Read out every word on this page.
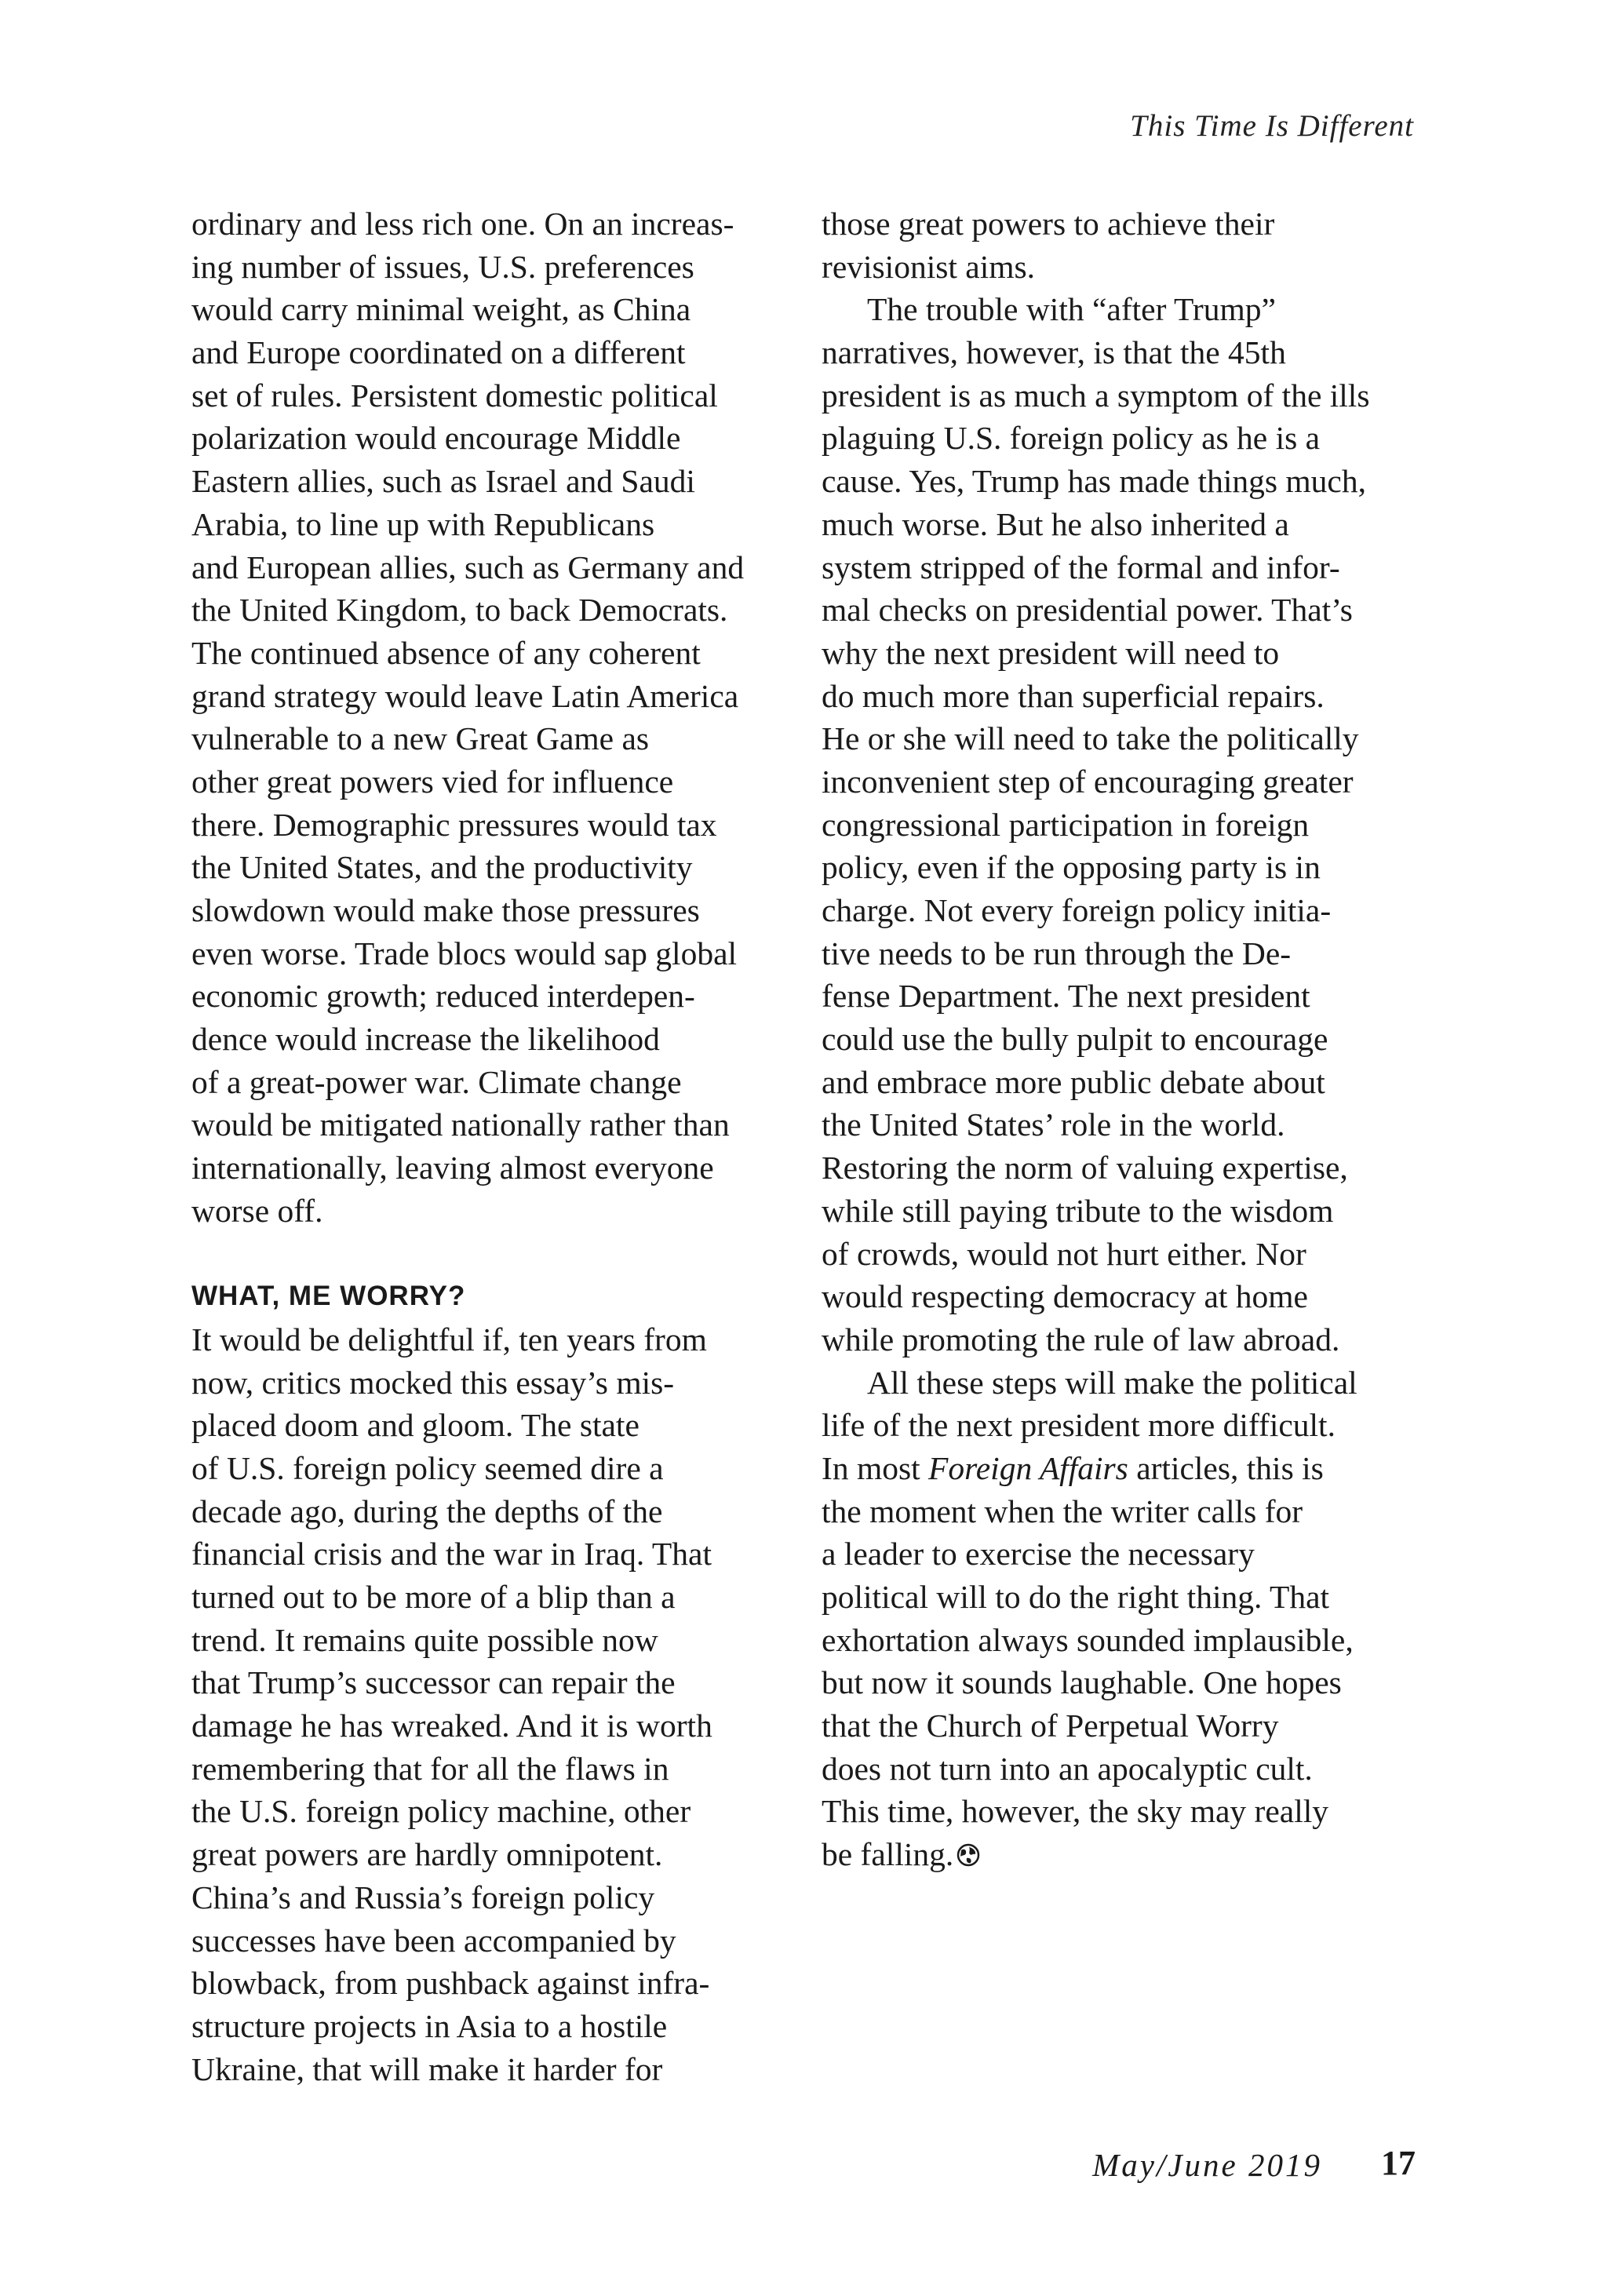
This Time Is Different
ordinary and less rich one. On an increas-
ing number of issues, U.S. preferences
would carry minimal weight, as China
and Europe coordinated on a different
set of rules. Persistent domestic political
polarization would encourage Middle
Eastern allies, such as Israel and Saudi
Arabia, to line up with Republicans
and European allies, such as Germany and
the United Kingdom, to back Democrats.
The continued absence of any coherent
grand strategy would leave Latin America
vulnerable to a new Great Game as
other great powers vied for influence
there. Demographic pressures would tax
the United States, and the productivity
slowdown would make those pressures
even worse. Trade blocs would sap global
economic growth; reduced interdepen-
dence would increase the likelihood
of a great-power war. Climate change
would be mitigated nationally rather than
internationally, leaving almost everyone
worse off.
WHAT, ME WORRY?
It would be delightful if, ten years from
now, critics mocked this essay’s mis-
placed doom and gloom. The state
of U.S. foreign policy seemed dire a
decade ago, during the depths of the
financial crisis and the war in Iraq. That
turned out to be more of a blip than a
trend. It remains quite possible now
that Trump’s successor can repair the
damage he has wreaked. And it is worth
remembering that for all the flaws in
the U.S. foreign policy machine, other
great powers are hardly omnipotent.
China’s and Russia’s foreign policy
successes have been accompanied by
blowback, from pushback against infra-
structure projects in Asia to a hostile
Ukraine, that will make it harder for
those great powers to achieve their
revisionist aims.
The trouble with “after Trump”
narratives, however, is that the 45th
president is as much a symptom of the ills
plaguing U.S. foreign policy as he is a
cause. Yes, Trump has made things much,
much worse. But he also inherited a
system stripped of the formal and infor-
mal checks on presidential power. That’s
why the next president will need to
do much more than superficial repairs.
He or she will need to take the politically
inconvenient step of encouraging greater
congressional participation in foreign
policy, even if the opposing party is in
charge. Not every foreign policy initia-
tive needs to be run through the De-
fense Department. The next president
could use the bully pulpit to encourage
and embrace more public debate about
the United States’ role in the world.
Restoring the norm of valuing expertise,
while still paying tribute to the wisdom
of crowds, would not hurt either. Nor
would respecting democracy at home
while promoting the rule of law abroad.
All these steps will make the political
life of the next president more difficult.
In most Foreign Affairs articles, this is
the moment when the writer calls for
a leader to exercise the necessary
political will to do the right thing. That
exhortation always sounded implausible,
but now it sounds laughable. One hopes
that the Church of Perpetual Worry
does not turn into an apocalyptic cult.
This time, however, the sky may really
be falling.
May/June 2019 17
